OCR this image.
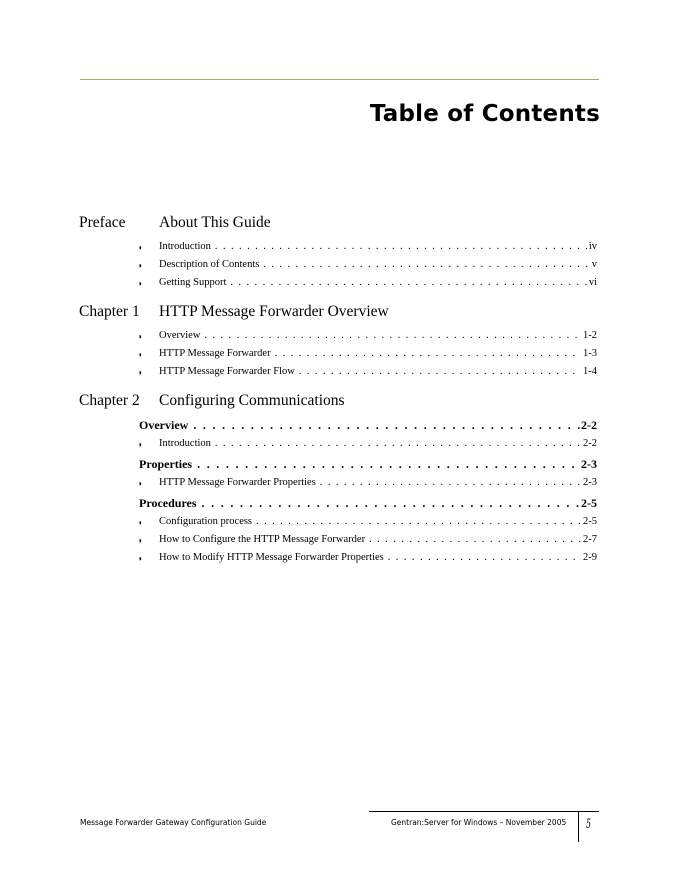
Table of Contents
Preface About This Guide
◗	Introduction . . .	iv
◗	Description of Contents . . .	v
◗	Getting Support . . .	vi
Chapter 1 HTTP Message Forwarder Overview
◗	Overview . . .	1-2
◗	HTTP Message Forwarder . . .	1-3
◗	HTTP Message Forwarder Flow . . .	1-4
Chapter 2 Configuring Communications
Overview . . .	2-2
◗	Introduction . . .	2-2
Properties . . .	2-3
◗	HTTP Message Forwarder Properties . . .	2-3
Procedures . . .	2-5
◗	Configuration process . . .	2-5
◗	How to Configure the HTTP Message Forwarder . . .	2-7
◗	How to Modify HTTP Message Forwarder Properties . . .	2-9
Message Forwarder Gateway Configuration Guide	Gentran:Server for Windows – November 2005 5
